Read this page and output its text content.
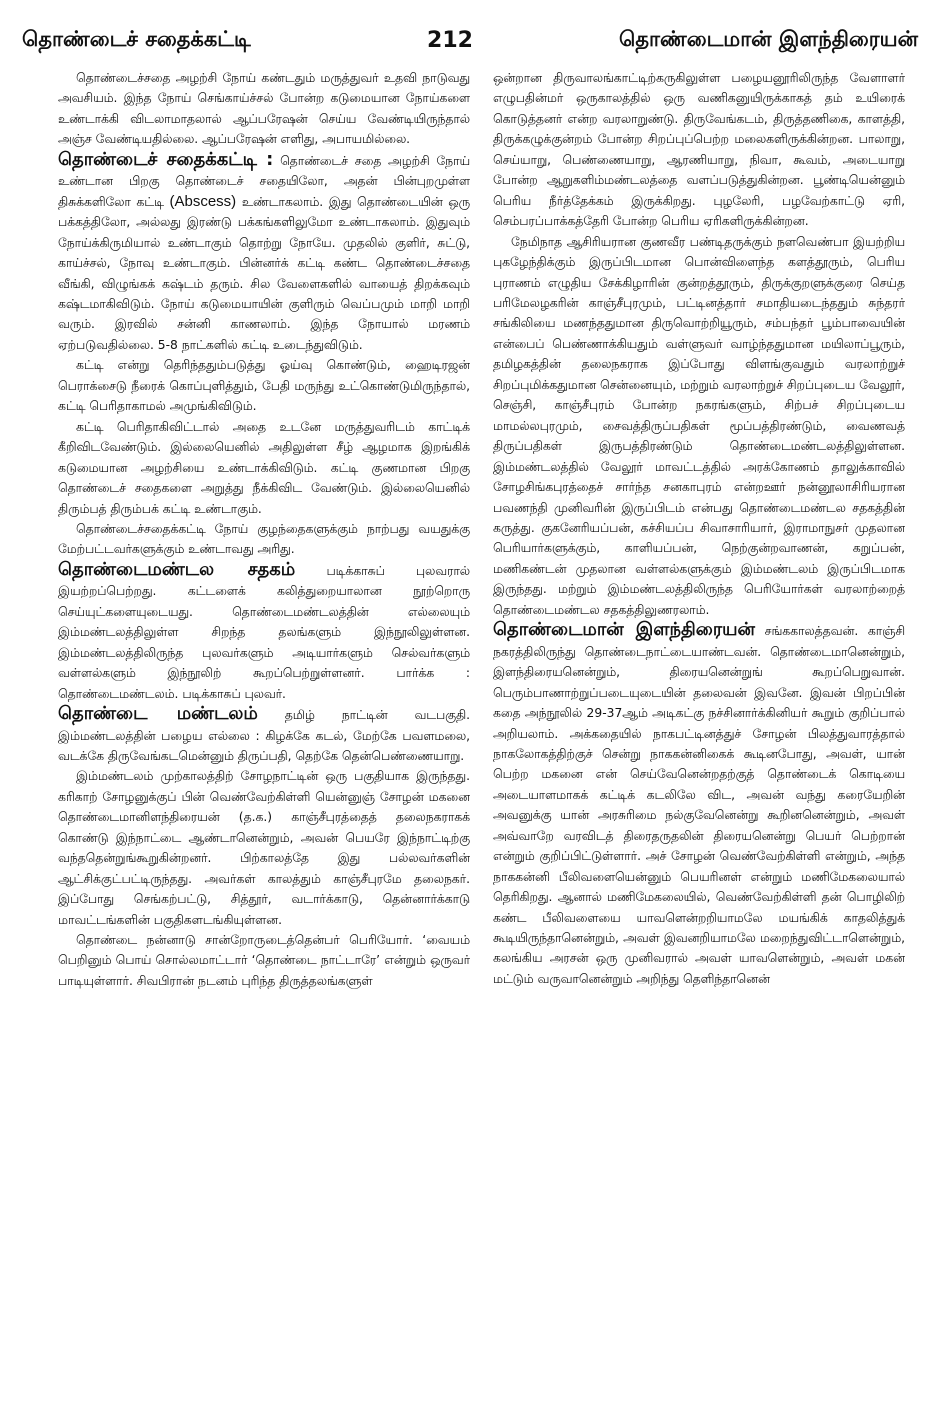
தொண்டைச் சதைக்கட்டி	212	தொண்டைமான் இளந்திரையன்

தொண்டைச்சதை அழற்சி நோய் கண்டதும் மருத்துவர் உதவி நாடுவது அவசியம். இந்த நோய் செங்காய்ச்சல் போன்ற கடுமையான நோய்களை உண்டாக்கி விடலாமாதலால் ஆப்பரேஷன் செய்ய வேண்டியிருந்தால் அஞ்ச வேண்டியதில்லை. ஆப்பரேஷன் எளிது, அபாயமில்லை.

தொண்டைச் சதைக்கட்டி : தொண்டைச் சதை அழற்சி நோய் உண்டான பிறகு தொண்டைச் சதையிலோ, அதன் பின்புறமுள்ள திசுக்களிலோ கட்டி (Abscess) உண்டாகலாம். இது தொண்டையின் ஒரு பக்கத்திலோ, அல்லது இரண்டு பக்கங்களிலுமோ உண்டாகலாம். இதுவும் நோய்க்கிருமியால் உண்டாகும் தொற்று நோயே. முதலில் குளிர், சுட்டு, காய்ச்சல், நோவு உண்டாகும். பின்னர்க் கட்டி கண்ட தொண்டைச்சதை வீங்கி, விழுங்கக் கஷ்டம் தரும். சில வேளைகளில் வாயைத் திறக்கவும் கஷ்டமாகிவிடும். நோய் கடுமையாயின் குளிரும் வெப்பமும் மாறி மாறி வரும். இரவில் சன்னி காணலாம். இந்த நோயால் மரணம் ஏற்படுவதில்லை. 5-8 நாட்களில் கட்டி உடைந்துவிடும்.

கட்டி என்று தெரிந்ததும்படுத்து ஓய்வு கொண்டும், ஹைடிரஜன் பெராக்சைடு நீரைக் கொப்புளித்தும், பேதி மருந்து உட்கொண்டுமிருந்தால், கட்டி பெரிதாகாமல் அமுங்கிவிடும்.

கட்டி பெரிதாகிவிட்டால் அதை உடனே மருத்துவரிடம் காட்டிக் கீறிவிடவேண்டும். இல்லையெனில் அதிலுள்ள சீழ் ஆழமாக இறங்கிக் கடுமையான அழற்சியை உண்டாக்கிவிடும். கட்டி குணமான பிறகு தொண்டைச் சதைகளை அறுத்து நீக்கிவிட வேண்டும். இல்லையெனில் திரும்பத் திரும்பக் கட்டி உண்டாகும்.

தொண்டைச்சதைக்கட்டி நோய் குழந்தைகளுக்கும் நாற்பது வயதுக்கு மேற்பட்டவர்களுக்கும் உண்டாவது அரிது.

தொண்டைமண்டல சதகம்	படிக்காசுப் புலவரால் இயற்றப்பெற்றது. கட்டளைக் கலித்துறையாலான நூற்றொரு செய்யுட்களையுடையது. தொண்டைமண்டலத்தின் எல்லையும் இம்மண்டலத்திலுள்ள சிறந்த தலங்களும் இந்நூலிலுள்ளன. இம்மண்டலத்திலிருந்த புலவர்களும் அடியார்களும் செல்வர்களும் வள்ளல்களும் இந்நூலிற் கூறப்பெற்றுள்ளனர். பார்க்க : தொண்டைமண்டலம். படிக்காசுப் புலவர்.

தொண்டை மண்டலம் தமிழ் நாட்டின் வடபகுதி. இம்மண்டலத்தின் பழைய எல்லை : கிழக்கே கடல், மேற்கே பவளமலை, வடக்கே திருவேங்கடமென்னும் திருப்பதி, தெற்கே தென்பெண்ணையாறு.

இம்மண்டலம் முற்காலத்திற் சோழநாட்டின் ஒரு பகுதியாக இருந்தது. கரிகாற் சோழனுக்குப் பின் வெண்வேற்கிள்ளி யென்னுஞ் சோழன் மகனை தொண்டைமானிளந்திரையன் (த.க.) காஞ்சீபுரத்தைத் தலைநகராகக் கொண்டு இந்நாட்டை ஆண்டானென்றும், அவன் பெயரே இந்நாட்டிற்கு வந்ததென்றுங்கூறுகின்றனர். பிற்காலத்தே இது பல்லவர்களின் ஆட்சிக்குட்பட்டிருந்தது. அவர்கள் காலத்தும் காஞ்சீபுரமே தலைநகர். இப்போது செங்கற்பட்டு, சித்தூர், வடார்க்காடு, தென்னார்க்காடு மாவட்டங்களின் பகுதிகளடங்கியுள்ளன.

தொண்டை நன்னாடு சான்றோருடைத்தென்பர் பெரியோர். ‘வையம் பெறினும் பொய் சொல்லமாட்டார் ‘தொண்டை நாட்டாரே’ என்றும் ஒருவர் பாடியுள்ளார். சிவபிரான் நடனம் புரிந்த திருத்தலங்களுள்

ஒன்றான திருவாலங்காட்டிற்கருகிலுள்ள பழையனூரிலிருந்த வேளாளர் எழுபதின்மர் ஒருகாலத்தில் ஒரு வணிகனுயிருக்காகத் தம் உயிரைக் கொடுத்தனர் என்ற வரலாறுண்டு. திருவேங்கடம், திருத்தணிகை, காளத்தி, திருக்கழுக்குன்றம் போன்ற சிறப்புப்பெற்ற மலைகளிருக்கின்றன. பாலாறு, செய்யாறு, பெண்ணையாறு, ஆரணியாறு, நிவா, கூவம், அடையாறு போன்ற ஆறுகளிம்மண்டலத்தை வளப்படுத்துகின்றன. பூண்டியென்னும் பெரிய நீர்த்தேக்கம் இருக்கிறது. புழலேரி, பழவேற்காட்டு ஏரி, செம்பரப்பாக்கத்தேரி போன்ற பெரிய ஏரிகளிருக்கின்றன.

நேமிநாத ஆசிரியரான குணவீர பண்டிதருக்கும் நளவெண்பா இயற்றிய புகழேந்திக்கும் இருப்பிடமான பொன்விளைந்த களத்தூரும், பெரிய புராணம் எழுதிய சேக்கிழாரின் குன்றத்தூரும், திருக்குறளுக்குரை செய்த பரிமேலழகரின் காஞ்சீபுரமும், பட்டினத்தார் சமாதியடைந்ததும் சுந்தரர் சங்கிலியை மணந்ததுமான திருவொற்றியூரும், சம்பந்தர் பூம்பாவையின் என்பைப் பெண்ணாக்கியதும் வள்ளுவர் வாழ்ந்ததுமான மயிலாப்பூரும், தமிழகத்தின் தலைநகராக இப்போது விளங்குவதும் வரலாற்றுச் சிறப்புமிக்கதுமான சென்னையும், மற்றும் வரலாற்றுச் சிறப்புடைய வேலூர், செஞ்சி, காஞ்சீபுரம் போன்ற நகரங்களும், சிற்பச் சிறப்புடைய மாமல்லபுரமும், சைவத்திருப்பதிகள் மூப்பத்திரண்டும், வைணவத் திருப்பதிகள் இருபத்திரண்டும் தொண்டைமண்டலத்திலுள்ளன. இம்மண்டலத்தில் வேலூர் மாவட்டத்தில் அரக்கோணம் தாலுக்காவில் சோழசிங்கபுரத்தைச் சார்ந்த சனகாபுரம் என்றஊர் நன்னூலாசிரியரான பவணந்தி முனிவரின் இருப்பிடம் என்பது தொண்டைமண்டல சதகத்தின் கருத்து. குகனேரியப்பன், கச்சியப்ப சிவாசாரியார், இராமாநுசர் முதலான பெரியார்களுக்கும், காளியப்பன், நெற்குன்றவாணன், கறுப்பன், மணிகண்டன் முதலான வள்ளல்களுக்கும் இம்மண்டலம் இருப்பிடமாக இருந்தது. மற்றும் இம்மண்டலத்திலிருந்த பெரியோர்கள் வரலாற்றைத் தொண்டைமண்டல சதகத்திலுணரலாம்.

தொண்டைமான் இளந்திரையன் சங்ககாலத்தவன். காஞ்சி நகரத்திலிருந்து தொண்டைநாட்டையாண்டவன். தொண்டைமானென்றும், இளந்திரையனென்றும், திரையனென்றுங் கூறப்பெறுவான். பெரும்பாணாற்றுப்படையுடையின் தலைவன் இவனே. இவன் பிறப்பின் கதை அந்நூலில் 29-37ஆம் அடிகட்கு நச்சினார்க்கினியர் கூறும் குறிப்பால் அறியலாம். அக்கதையில் நாகபட்டினத்துச் சோழன் பிலத்துவாரத்தால் நாகலோகத்திற்குச் சென்று நாககன்னிகைக் கூடினபோது, அவள், யான் பெற்ற மகனை என் செய்வேனென்றதற்குத் தொண்டைக் கொடியை அடையாளமாகக் கட்டிக் கடலிலே விட, அவன் வந்து கரையேறின் அவனுக்கு யான் அரசுரிமை நல்குவேனென்று கூறினனென்றும், அவள் அவ்வாறே வரவிடத் திரைதருதலின் திரையனென்று பெயர் பெற்றான் என்றும் குறிப்பிட்டுள்ளார். அச் சோழன் வெண்வேற்கிள்ளி என்றும், அந்த நாககன்னி பீலிவளையென்னும் பெயரினள் என்றும் மணிமேகலையால் தெரிகிறது. ஆனால் மணிமேகலையில், வெண்வேற்கிள்ளி தன் பொழிலிற் கண்ட பீலிவளையை யாவளென்றறியாமலே மயங்கிக் காதலித்துக் கூடியிருந்தானென்றும், அவள் இவனறியாமலே மறைந்துவிட்டாளென்றும், கலங்கிய அரசன் ஒரு முனிவரால் அவள் யாவளென்றும், அவள் மகன் மட்டும் வருவானென்றும் அறிந்து தெளிந்தானென்
